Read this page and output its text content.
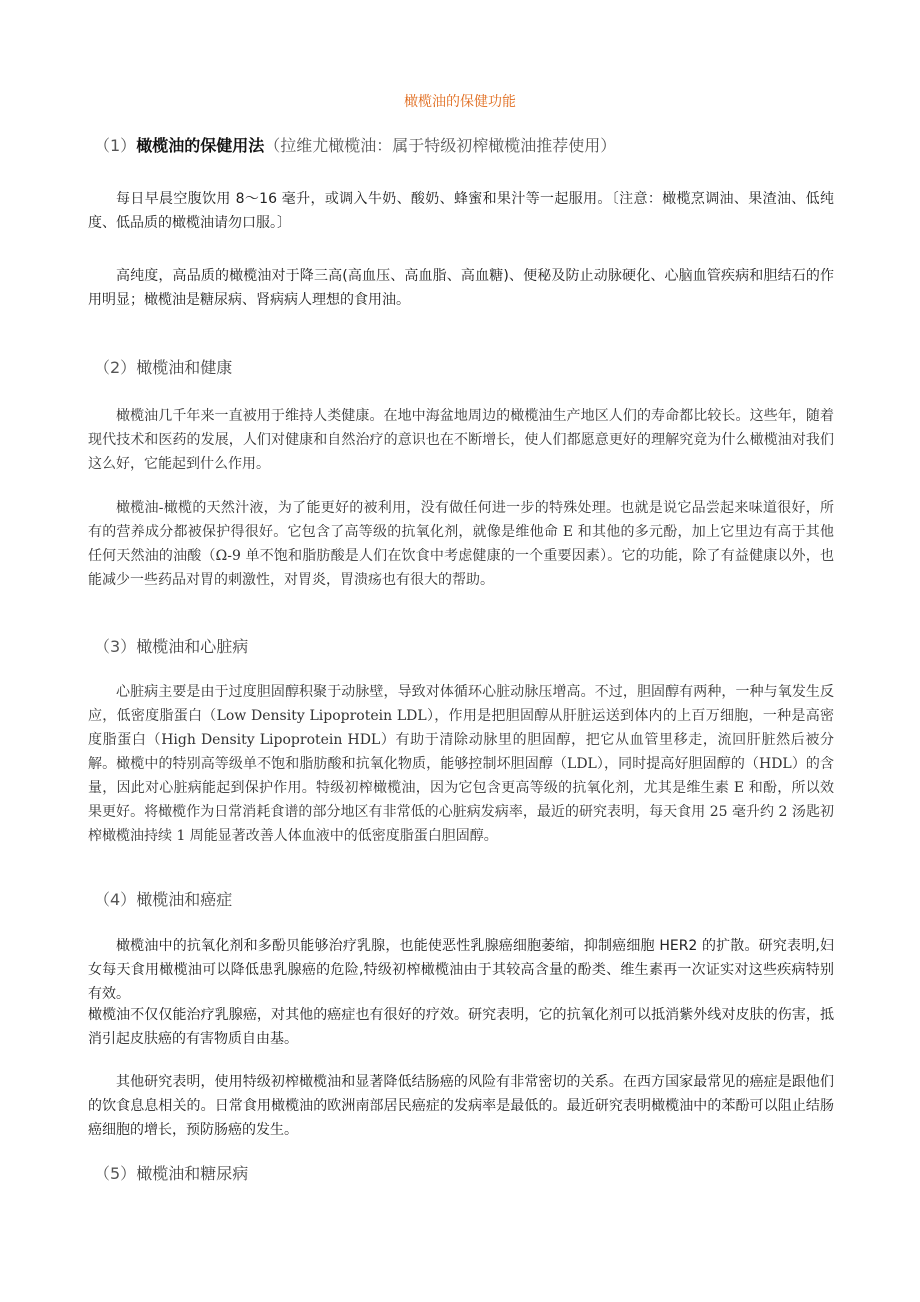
橄榄油的保健功能
（1）橄榄油的保健用法（拉维尤橄榄油：属于特级初榨橄榄油推荐使用）

每日早晨空腹饮用 8～16 毫升，或调入牛奶、酸奶、蜂蜜和果汁等一起服用。〔注意：橄榄烹调油、果渣油、低纯度、低品质的橄榄油请勿口服。〕

高纯度，高品质的橄榄油对于降三高(高血压、高血脂、高血糖)、便秘及防止动脉硬化、心脑血管疾病和胆结石的作用明显；橄榄油是糖尿病、肾病病人理想的食用油。

（2）橄榄油和健康

橄榄油几千年来一直被用于维持人类健康。在地中海盆地周边的橄榄油生产地区人们的寿命都比较长。这些年，随着现代技术和医药的发展，人们对健康和自然治疗的意识也在不断增长，使人们都愿意更好的理解究竟为什么橄榄油对我们这么好，它能起到什么作用。

橄榄油-橄榄的天然汁液，为了能更好的被利用，没有做任何进一步的特殊处理。也就是说它品尝起来味道很好，所有的营养成分都被保护得很好。它包含了高等级的抗氧化剂，就像是维他命 E 和其他的多元酚，加上它里边有高于其他任何天然油的油酸（Ω-9 单不饱和脂肪酸是人们在饮食中考虑健康的一个重要因素）。它的功能，除了有益健康以外，也能减少一些药品对胃的刺激性，对胃炎，胃溃疡也有很大的帮助。

（3）橄榄油和心脏病

心脏病主要是由于过度胆固醇积聚于动脉壁，导致对体循环心脏动脉压增高。不过，胆固醇有两种，一种与氧发生反应，低密度脂蛋白（Low Density Lipoprotein LDL），作用是把胆固醇从肝脏运送到体内的上百万细胞，一种是高密度脂蛋白（High Density Lipoprotein HDL）有助于清除动脉里的胆固醇，把它从血管里移走，流回肝脏然后被分解。橄榄中的特别高等级单不饱和脂肪酸和抗氧化物质，能够控制坏胆固醇（LDL），同时提高好胆固醇的（HDL）的含量，因此对心脏病能起到保护作用。特级初榨橄榄油，因为它包含更高等级的抗氧化剂，尤其是维生素 E 和酚，所以效果更好。将橄榄作为日常消耗食谱的部分地区有非常低的心脏病发病率，最近的研究表明，每天食用 25 毫升约 2 汤匙初榨橄榄油持续 1 周能显著改善人体血液中的低密度脂蛋白胆固醇。

（4）橄榄油和癌症

橄榄油中的抗氧化剂和多酚贝能够治疗乳腺，也能使恶性乳腺癌细胞萎缩，抑制癌细胞 HER2 的扩散。研究表明,妇女每天食用橄榄油可以降低患乳腺癌的危险,特级初榨橄榄油由于其较高含量的酚类、维生素再一次证实对这些疾病特别有效。

橄榄油不仅仅能治疗乳腺癌，对其他的癌症也有很好的疗效。研究表明，它的抗氧化剂可以抵消紫外线对皮肤的伤害，抵消引起皮肤癌的有害物质自由基。

其他研究表明，使用特级初榨橄榄油和显著降低结肠癌的风险有非常密切的关系。在西方国家最常见的癌症是跟他们的饮食息息相关的。日常食用橄榄油的欧洲南部居民癌症的发病率是最低的。最近研究表明橄榄油中的苯酚可以阻止结肠癌细胞的增长，预防肠癌的发生。

（5）橄榄油和糖尿病
